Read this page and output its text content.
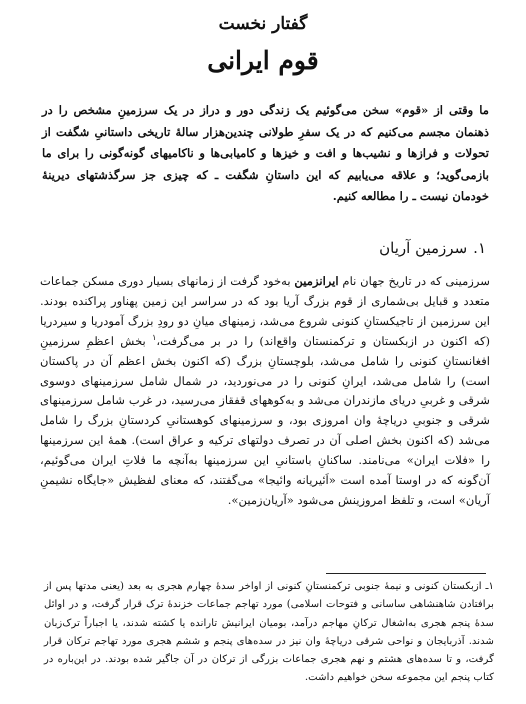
گفتار نخست
قوم ایرانی

ما وقتی از «قوم» سخن می‌گوئیم یک زندگی دور و دراز در یک سرزمینِ مشخص را در ذهنمان مجسم می‌کنیم که در یک سفرِ طولانی چندین‌هزار سالهٔ تاریخی داستانیِ شگفت از تحولات و فرازها و نشیب‌ها و افت و خیزها و کامیابی‌ها و ناکامیهای گونه‌گونی را برای ما بازمی‌گوید؛ و علاقه می‌یابیم که این داستانِ شگفت ـ که چیزی جز سرگذشتهای دیرینهٔ خودمان نیست ـ را مطالعه کنیم.

۱.سرزمین آریان

سرزمینی که در تاریخ جهان نام ایرانزمین به‌خود گرفت از زمانهای بسیار دوری مسکن جماعات متعدد و قبایل بی‌شماری از قوم بزرگ آریا بود که در سراسر این زمین پهناور پراکنده بودند. این سرزمین از تاجیکستانِ کنونی شروع می‌شد، زمینهای میانِ دو رودِ بزرگ آمودریا و سیردریا (که اکنون در ازبکستان و ترکمنستان واقع‌اند) را در بر می‌گرفت،$^۱$ بخش اعظمِ سرزمینِ افغانستانِ کنونی را شامل می‌شد، بلوچستانِ بزرگ (که اکنون بخش اعظم آن در پاکستان است) را شامل می‌شد، ایرانِ کنونی را در می‌نوردید، در شمال شامل سرزمینهای دوسوی شرقی و غربیِ دریای مازندران می‌شد و به‌کوههای قفقاز می‌رسید، در غرب شامل سرزمینهای شرقی و جنوبیِ دریاچهٔ وان امروزی بود، و سرزمینهای کوهستانیِ کردستانِ بزرگ را شامل می‌شد (که اکنون بخش اصلی آن در تصرف دولتهای ترکیه و عراق است). همهٔ این سرزمینها را «فلات ایران» می‌نامند. ساکنانِ باستانیِ این سرزمینها به‌آنچه ما فلاتِ ایران می‌گوئیم، آن‌گونه که در اوستا آمده است «اَئیریانه وائیجا» می‌گفتند، که معنای لفظیش «جایگاه نشیمنِ آریان» است، و تلفظ امروزینش می‌شود «آریان‌زمین».

۱ـ ازبکستان کنونی و نیمهٔ جنوبی ترکمنستانِ کنونی از اواخر سدهٔ چهارم هجری به بعد (یعنی مدتها پس از برافتادن شاهنشاهی ساسانی و فتوحات اسلامی) مورد تهاجم جماعات خزندهٔ ترک قرار گرفت، و در اوائل سدهٔ پنجم هجری به‌اشغال ترکانِ مهاجم درآمد، بومیان ایرانیش تارانده یا کشته شدند، یا اجباراً ترک‌زبان شدند. آذربایجان و نواحی شرقی دریاچهٔ وان نیز در سده‌های پنجم و ششم هجری مورد تهاجم ترکان قرار گرفت، و تا سده‌های هشتم و نهم هجری جماعات بزرگی از ترکان در آن جاگیر شده بودند. در این‌باره در کتاب پنجم این مجموعه سخن خواهیم داشت.
